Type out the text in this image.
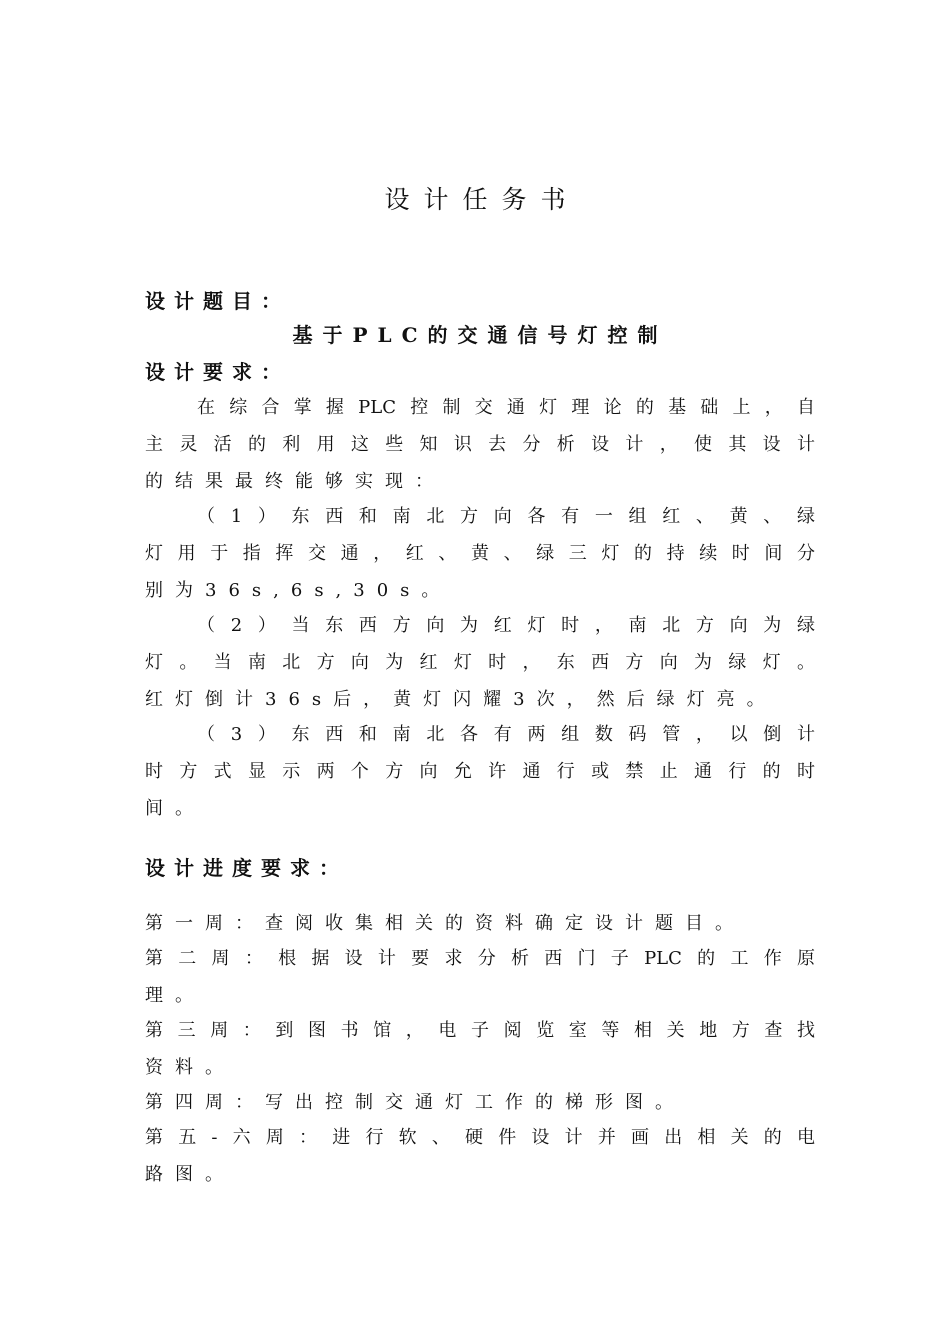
设计任务书
设计题目：
基于PLC的交通信号灯控制
设计要求：
在综合掌握PLC控制交通灯理论的基础上，自
主灵活的利用这些知识去分析设计，使其设计
的结果最终能够实现：
（1）东西和南北方向各有一组红、黄、绿
灯用于指挥交通，红、黄、绿三灯的持续时间分
别为36s,6s,30s。
（2）当东西方向为红灯时，南北方向为绿
灯。当南北方向为红灯时，东西方向为绿灯。
红灯倒计36s后，黄灯闪耀3次，然后绿灯亮。
（3）东西和南北各有两组数码管，以倒计
时方式显示两个方向允许通行或禁止通行的时
间。
设计进度要求：
第一周：查阅收集相关的资料确定设计题目。
第二周：根据设计要求分析西门子PLC的工作原
理。
第三周：到图书馆，电子阅览室等相关地方查找
资料。
第四周：写出控制交通灯工作的梯形图。
第五-六周：进行软、硬件设计并画出相关的电
路图。
